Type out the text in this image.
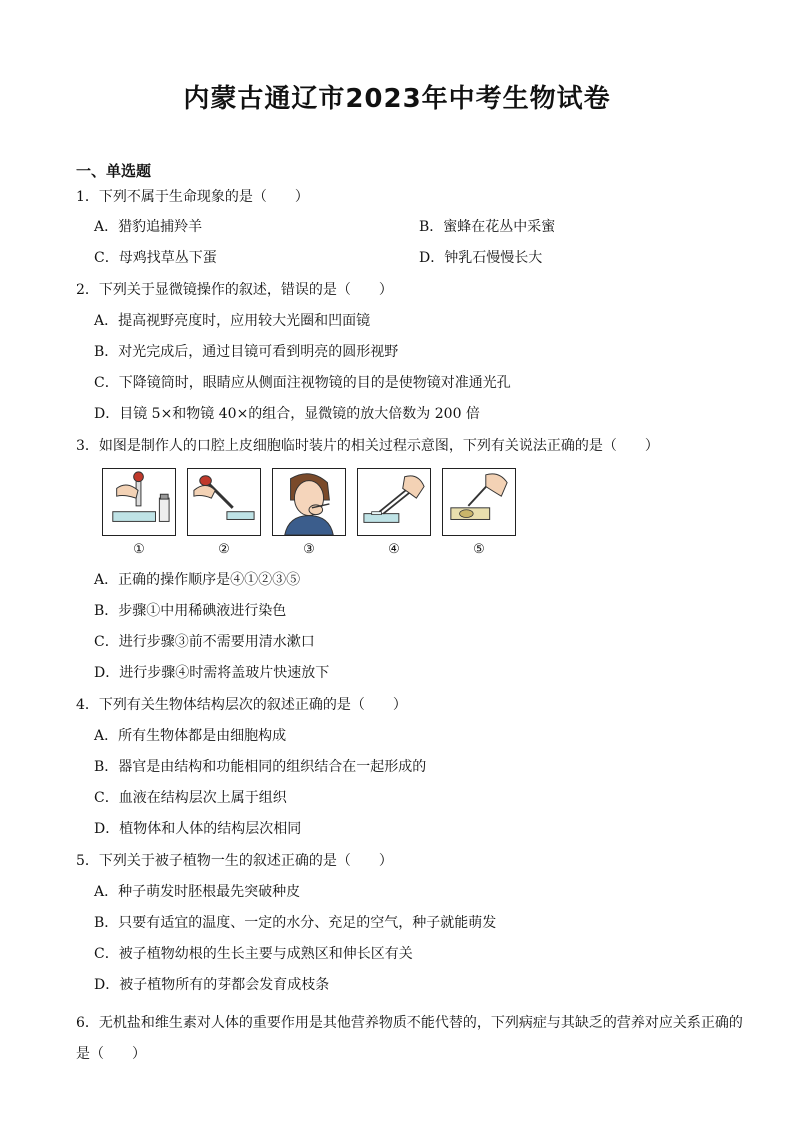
内蒙古通辽市2023年中考生物试卷
一、单选题
1．下列不属于生命现象的是（　　）
A．猎豹追捕羚羊	B．蜜蜂在花丛中采蜜
C．母鸡找草丛下蛋	D．钟乳石慢慢长大
2．下列关于显微镜操作的叙述，错误的是（　　）
A．提高视野亮度时，应用较大光圈和凹面镜
B．对光完成后，通过目镜可看到明亮的圆形视野
C．下降镜筒时，眼睛应从侧面注视物镜的目的是使物镜对准通光孔
D．目镜 5×和物镜 40×的组合，显微镜的放大倍数为 200 倍
3．如图是制作人的口腔上皮细胞临时装片的相关过程示意图，下列有关说法正确的是（　　）
①	②	③	④	⑤
A．正确的操作顺序是④①②③⑤
B．步骤①中用稀碘液进行染色
C．进行步骤③前不需要用清水漱口
D．进行步骤④时需将盖玻片快速放下
4．下列有关生物体结构层次的叙述正确的是（　　）
A．所有生物体都是由细胞构成
B．器官是由结构和功能相同的组织结合在一起形成的
C．血液在结构层次上属于组织
D．植物体和人体的结构层次相同
5．下列关于被子植物一生的叙述正确的是（　　）
A．种子萌发时胚根最先突破种皮
B．只要有适宜的温度、一定的水分、充足的空气，种子就能萌发
C．被子植物幼根的生长主要与成熟区和伸长区有关
D．被子植物所有的芽都会发育成枝条
6．无机盐和维生素对人体的重要作用是其他营养物质不能代替的，下列病症与其缺乏的营养对应关系正确的是（　　）
